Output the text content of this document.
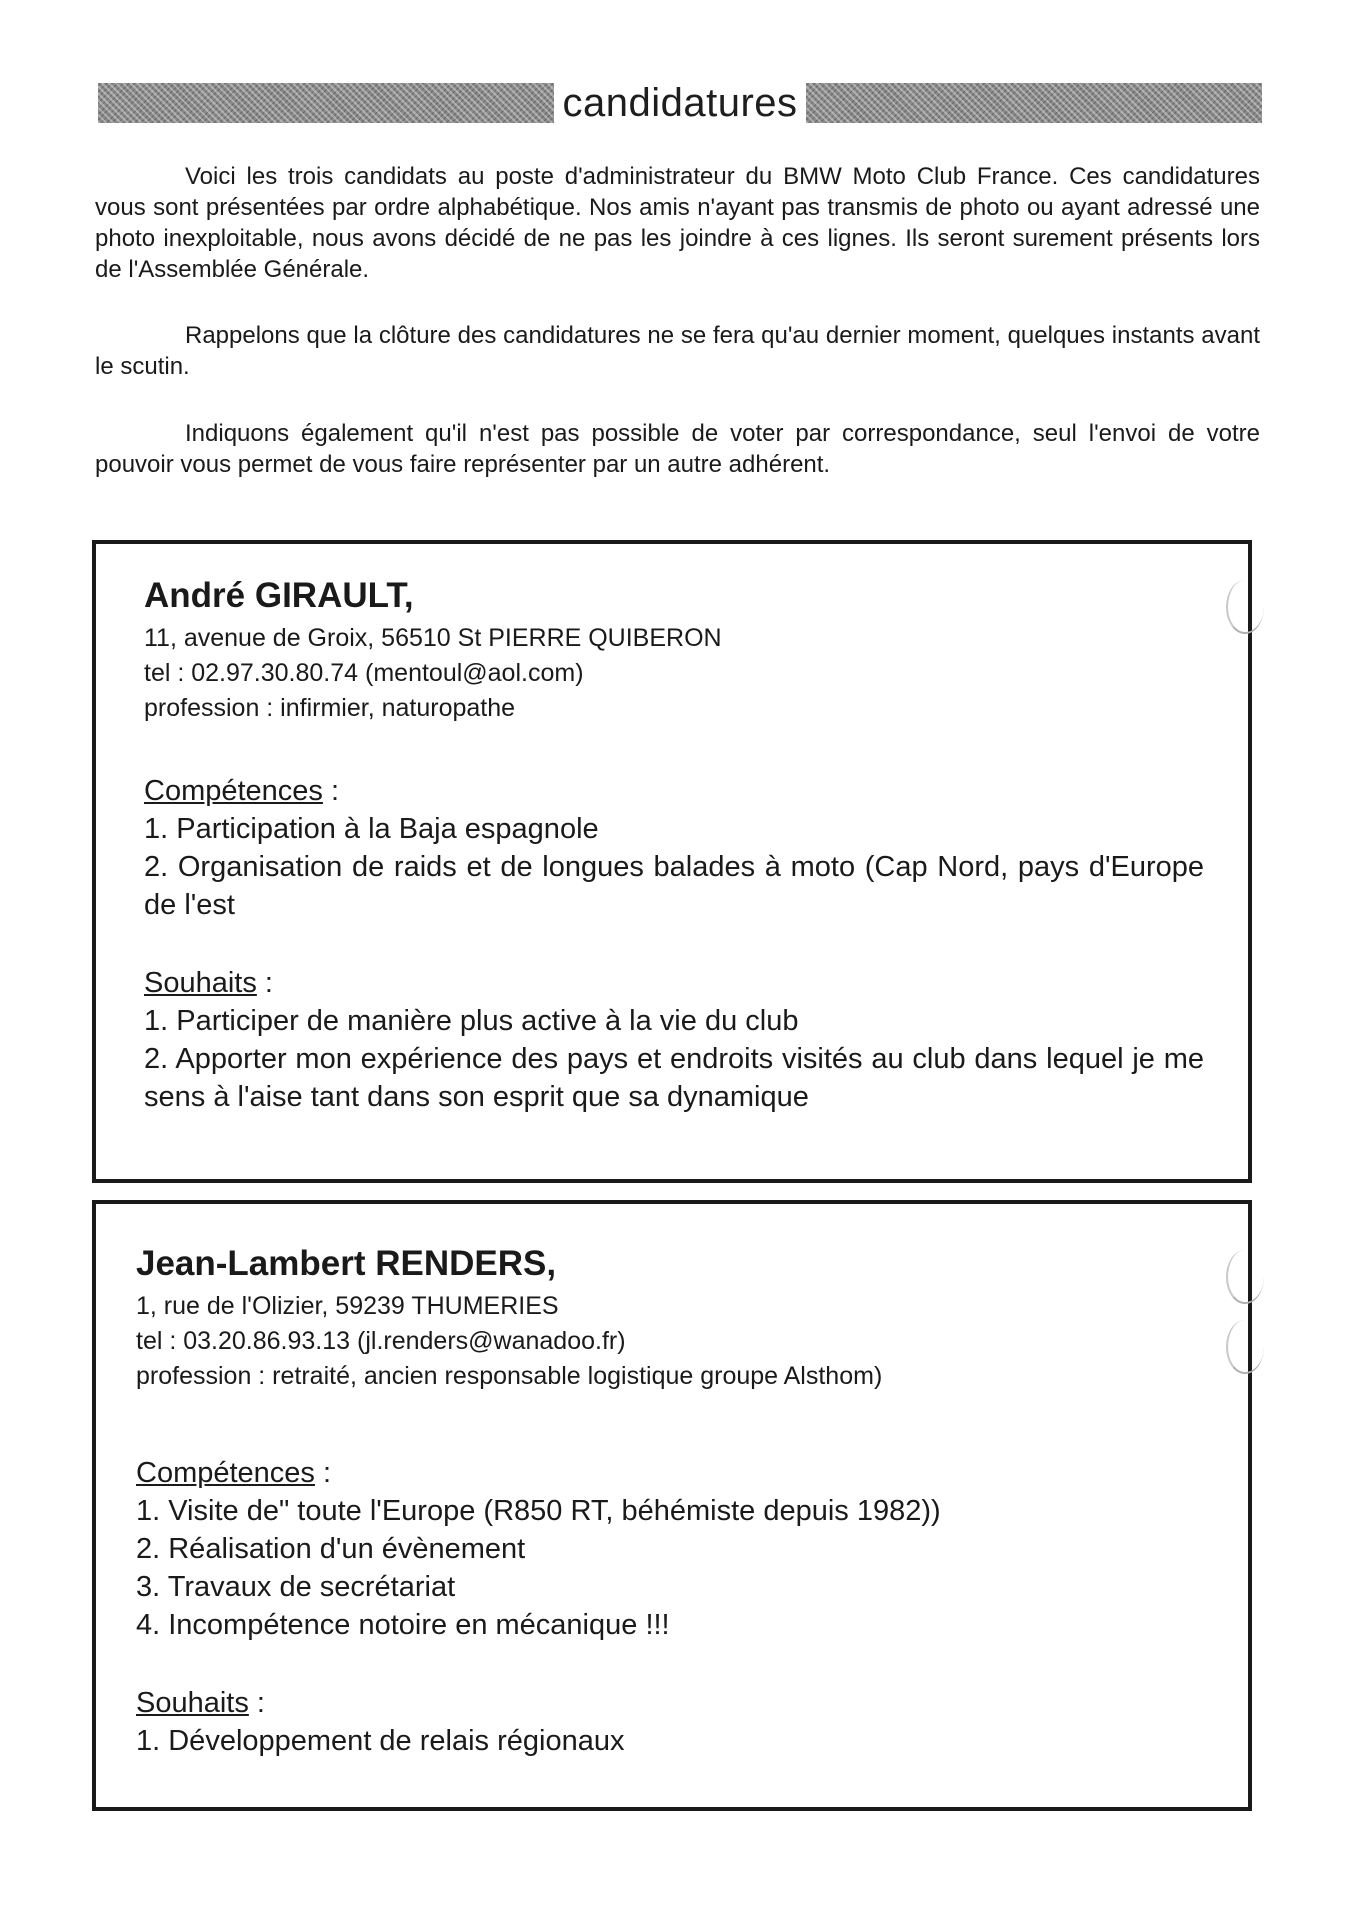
candidatures

Voici les trois candidats au poste d'administrateur du BMW Moto Club France. Ces candidatures vous sont présentées par ordre alphabétique. Nos amis n'ayant pas transmis de photo ou ayant adressé une photo inexploitable, nous avons décidé de ne pas les joindre à ces lignes. Ils seront surement présents lors de l'Assemblée Générale.

Rappelons que la clôture des candidatures ne se fera qu'au dernier moment, quelques instants avant le scutin.

Indiquons également qu'il n'est pas possible de voter par correspondance, seul l'envoi de votre pouvoir vous permet de vous faire représenter par un autre adhérent.

André GIRAULT,
11, avenue de Groix, 56510 St PIERRE QUIBERON
tel : 02.97.30.80.74 (mentoul@aol.com)
profession : infirmier, naturopathe
Compétences :
1. Participation à la Baja espagnole
2. Organisation de raids et de longues balades à moto (Cap Nord, pays d'Europe de l'est
Souhaits :
1. Participer de manière plus active à la vie du club
2. Apporter mon expérience des pays et endroits visités au club dans lequel je me sens à l'aise tant dans son esprit que sa dynamique
Jean-Lambert RENDERS,
1, rue de l'Olizier, 59239 THUMERIES
tel : 03.20.86.93.13 (jl.renders@wanadoo.fr)
profession : retraité, ancien responsable logistique groupe Alsthom)
Compétences :
1. Visite de" toute l'Europe (R850 RT, béhémiste depuis 1982))
2. Réalisation d'un évènement
3. Travaux de secrétariat
4. Incompétence notoire en mécanique !!!
Souhaits :
1. Développement de relais régionaux
